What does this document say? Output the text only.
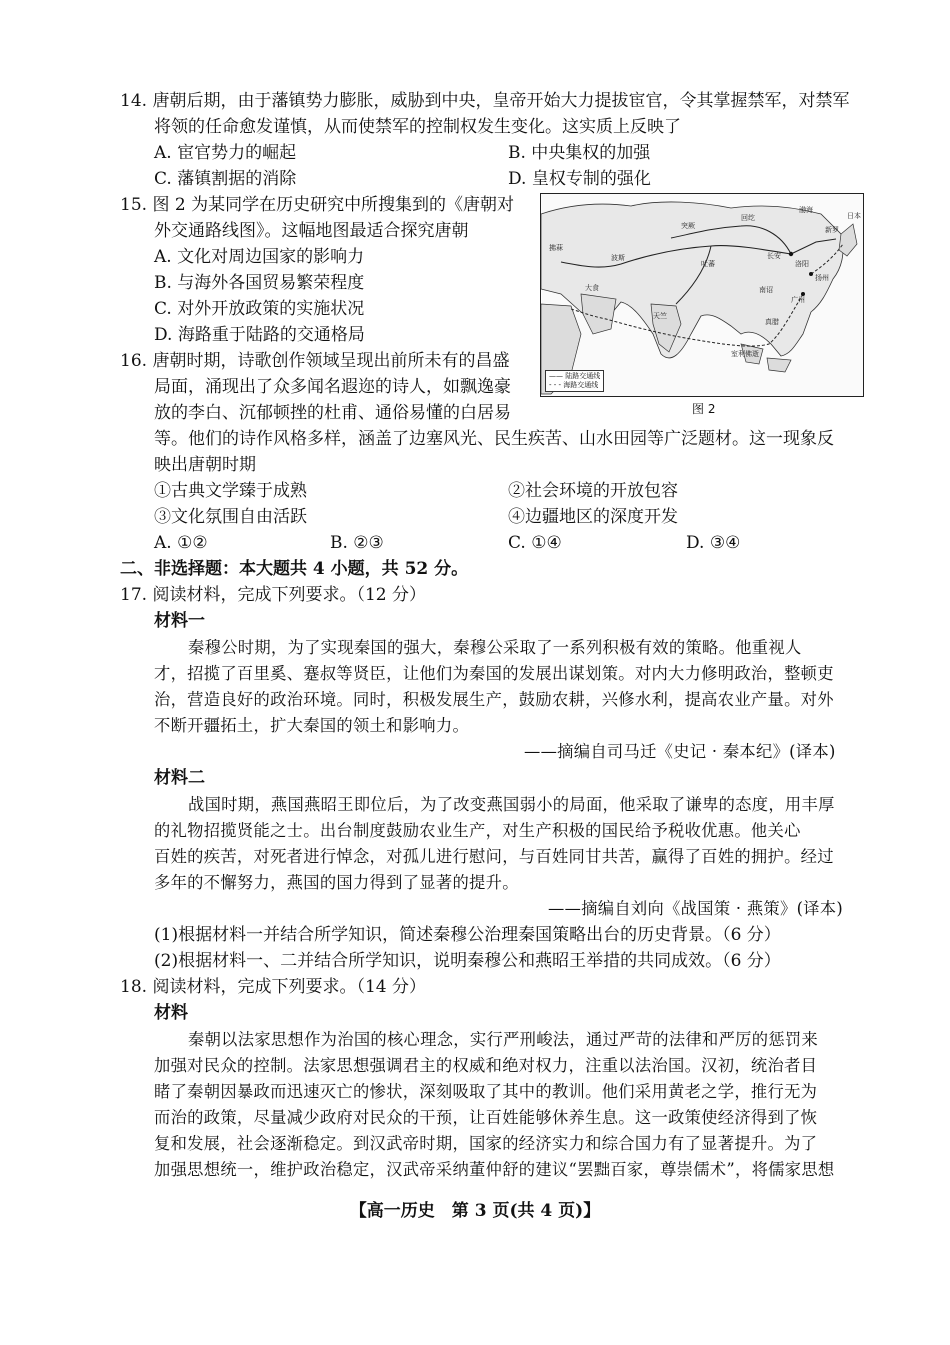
14. 唐朝后期，由于藩镇势力膨胀，威胁到中央，皇帝开始大力提拔宦官，令其掌握禁军，对禁军
将领的任命愈发谨慎，从而使禁军的控制权发生变化。这实质上反映了
A. 宦官势力的崛起	B. 中央集权的加强
C. 藩镇割据的消除	D. 皇权专制的强化
15. 图 2 为某同学在历史研究中所搜集到的《唐朝对
外交通路线图》。这幅地图最适合探究唐朝
A. 文化对周边国家的影响力
B. 与海外各国贸易繁荣程度
C. 对外开放政策的实施状况
D. 海路重于陆路的交通格局
渤海
新罗
日本
长安
洛阳
扬州
广州
吐蕃
天竺
波斯
大食
拂菻
回纥
突厥
南诏
真腊
室利佛逝
—— 陆路交通线
- - - 海路交通线
图 2
16. 唐朝时期，诗歌创作领域呈现出前所未有的昌盛
局面，涌现出了众多闻名遐迩的诗人，如飘逸豪
放的李白、沉郁顿挫的杜甫、通俗易懂的白居易
等。他们的诗作风格多样，涵盖了边塞风光、民生疾苦、山水田园等广泛题材。这一现象反
映出唐朝时期
①古典文学臻于成熟	②社会环境的开放包容
③文化氛围自由活跃	④边疆地区的深度开发
A. ①②	B. ②③	C. ①④	D. ③④
二、非选择题：本大题共 4 小题，共 52 分。
17. 阅读材料，完成下列要求。（12 分）
材料一
秦穆公时期，为了实现秦国的强大，秦穆公采取了一系列积极有效的策略。他重视人
才，招揽了百里奚、蹇叔等贤臣，让他们为秦国的发展出谋划策。对内大力修明政治，整顿吏
治，营造良好的政治环境。同时，积极发展生产，鼓励农耕，兴修水利，提高农业产量。对外
不断开疆拓土，扩大秦国的领土和影响力。
——摘编自司马迁《史记 · 秦本纪》(译本)
材料二
战国时期，燕国燕昭王即位后，为了改变燕国弱小的局面，他采取了谦卑的态度，用丰厚
的礼物招揽贤能之士。出台制度鼓励农业生产，对生产积极的国民给予税收优惠。他关心
百姓的疾苦，对死者进行悼念，对孤儿进行慰问，与百姓同甘共苦，赢得了百姓的拥护。经过
多年的不懈努力，燕国的国力得到了显著的提升。
——摘编自刘向《战国策 · 燕策》(译本)
(1)根据材料一并结合所学知识，简述秦穆公治理秦国策略出台的历史背景。（6 分）
(2)根据材料一、二并结合所学知识，说明秦穆公和燕昭王举措的共同成效。（6 分）
18. 阅读材料，完成下列要求。（14 分）
材料
秦朝以法家思想作为治国的核心理念，实行严刑峻法，通过严苛的法律和严厉的惩罚来
加强对民众的控制。法家思想强调君主的权威和绝对权力，注重以法治国。汉初，统治者目
睹了秦朝因暴政而迅速灭亡的惨状，深刻吸取了其中的教训。他们采用黄老之学，推行无为
而治的政策，尽量减少政府对民众的干预，让百姓能够休养生息。这一政策使经济得到了恢
复和发展，社会逐渐稳定。到汉武帝时期，国家的经济实力和综合国力有了显著提升。为了
加强思想统一，维护政治稳定，汉武帝采纳董仲舒的建议“罢黜百家，尊崇儒术”，将儒家思想
【高一历史　第 3 页(共 4 页)】
